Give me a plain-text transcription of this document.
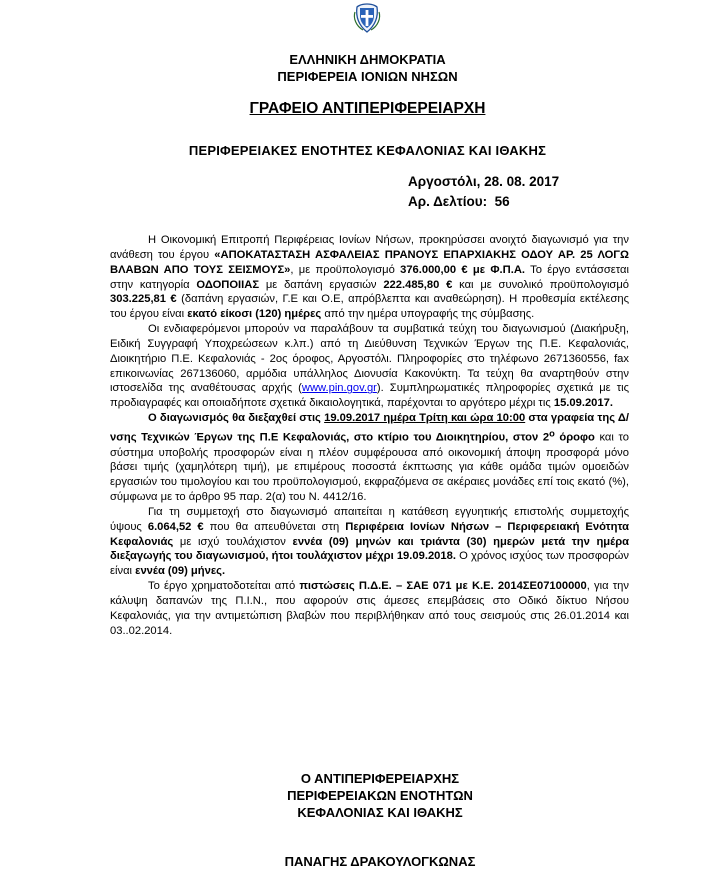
ΕΛΛΗΝΙΚΗ ΔΗΜΟΚΡΑΤΙΑ
ΠΕΡΙΦΕΡΕΙΑ ΙΟΝΙΩΝ ΝΗΣΩΝ
ΓΡΑΦΕΙΟ ΑΝΤΙΠΕΡΙΦΕΡΕΙΑΡΧΗ
ΠΕΡΙΦΕΡΕΙΑΚΕΣ ΕΝΟΤΗΤΕΣ ΚΕΦΑΛΟΝΙΑΣ ΚΑΙ ΙΘΑΚΗΣ
Αργοστόλι, 28. 08. 2017
Αρ. Δελτίου: 56

Η Οικονομική Επιτροπή Περιφέρειας Ιονίων Νήσων, προκηρύσσει ανοιχτό διαγωνισμό για την ανάθεση του έργου «ΑΠΟΚΑΤΑΣΤΑΣΗ ΑΣΦΑΛΕΙΑΣ ΠΡΑΝΟΥΣ ΕΠΑΡΧΙΑΚΗΣ ΟΔΟΥ ΑΡ. 25 ΛΟΓΩ ΒΛΑΒΩΝ ΑΠΟ ΤΟΥΣ ΣΕΙΣΜΟΥΣ», με προϋπολογισμό 376.000,00 € με Φ.Π.Α. Το έργο εντάσσεται στην κατηγορία ΟΔΟΠΟΙΙΑΣ με δαπάνη εργασιών 222.485,80 € και με συνολικό προϋπολογισμό 303.225,81 € (δαπάνη εργασιών, Γ.Ε και Ο.Ε, απρόβλεπτα και αναθεώρηση). Η προθεσμία εκτέλεσης του έργου είναι εκατό είκοσι (120) ημέρες από την ημέρα υπογραφής της σύμβασης.

Οι ενδιαφερόμενοι μπορούν να παραλάβουν τα συμβατικά τεύχη του διαγωνισμού (Διακήρυξη, Ειδική Συγγραφή Υποχρεώσεων κ.λπ.) από τη Διεύθυνση Τεχνικών Έργων της Π.Ε. Κεφαλονιάς, Διοικητήριο Π.Ε. Κεφαλονιάς - 2ος όροφος, Αργοστόλι. Πληροφορίες στο τηλέφωνο 2671360556, fax επικοινωνίας 267136060, αρμόδια υπάλληλος Διονυσία Κακονύκτη. Τα τεύχη θα αναρτηθούν στην ιστοσελίδα της αναθέτουσας αρχής (www.pin.gov.gr). Συμπληρωματικές πληροφορίες σχετικά με τις προδιαγραφές και οποιαδήποτε σχετικά δικαιολογητικά, παρέχονται το αργότερο μέχρι τις 15.09.2017.

Ο διαγωνισμός θα διεξαχθεί στις 19.09.2017 ημέρα Τρίτη και ώρα 10:00 στα γραφεία της Δ/νσης Τεχνικών Έργων της Π.Ε Κεφαλονιάς, στο κτίριο του Διοικητηρίου, στον $2^o$ όροφο και το σύστημα υποβολής προσφορών είναι η πλέον συμφέρουσα από οικονομική άποψη προσφορά μόνο βάσει τιμής (χαμηλότερη τιμή), με επιμέρους ποσοστά έκπτωσης για κάθε ομάδα τιμών ομοειδών εργασιών του τιμολογίου και του προϋπολογισμού, εκφραζόμενα σε ακέραιες μονάδες επί τοις εκατό (%), σύμφωνα με το άρθρο 95 παρ. 2(α) του Ν. 4412/16.

Για τη συμμετοχή στο διαγωνισμό απαιτείται η κατάθεση εγγυητικής επιστολής συμμετοχής ύψους 6.064,52 € που θα απευθύνεται στη Περιφέρεια Ιονίων Νήσων – Περιφερειακή Ενότητα Κεφαλονιάς με ισχύ τουλάχιστον εννέα (09) μηνών και τριάντα (30) ημερών μετά την ημέρα διεξαγωγής του διαγωνισμού, ήτοι τουλάχιστον μέχρι 19.09.2018. Ο χρόνος ισχύος των προσφορών είναι εννέα (09) μήνες.

Το έργο χρηματοδοτείται από πιστώσεις Π.Δ.Ε. – ΣΑΕ 071 με Κ.Ε. 2014ΣΕ07100000, για την κάλυψη δαπανών της Π.Ι.Ν., που αφορούν στις άμεσες επεμβάσεις στο Οδικό δίκτυο Νήσου Κεφαλονιάς, για την αντιμετώπιση βλαβών που περιβλήθηκαν από τους σεισμούς στις 26.01.2014 και 03..02.2014.

Ο ΑΝΤΙΠΕΡΙΦΕΡΕΙΑΡΧΗΣ
ΠΕΡΙΦΕΡΕΙΑΚΩΝ ΕΝΟΤΗΤΩΝ
ΚΕΦΑΛΟΝΙΑΣ ΚΑΙ ΙΘΑΚΗΣ
ΠΑΝΑΓΗΣ ΔΡΑΚΟΥΛΟΓΚΩΝΑΣ
